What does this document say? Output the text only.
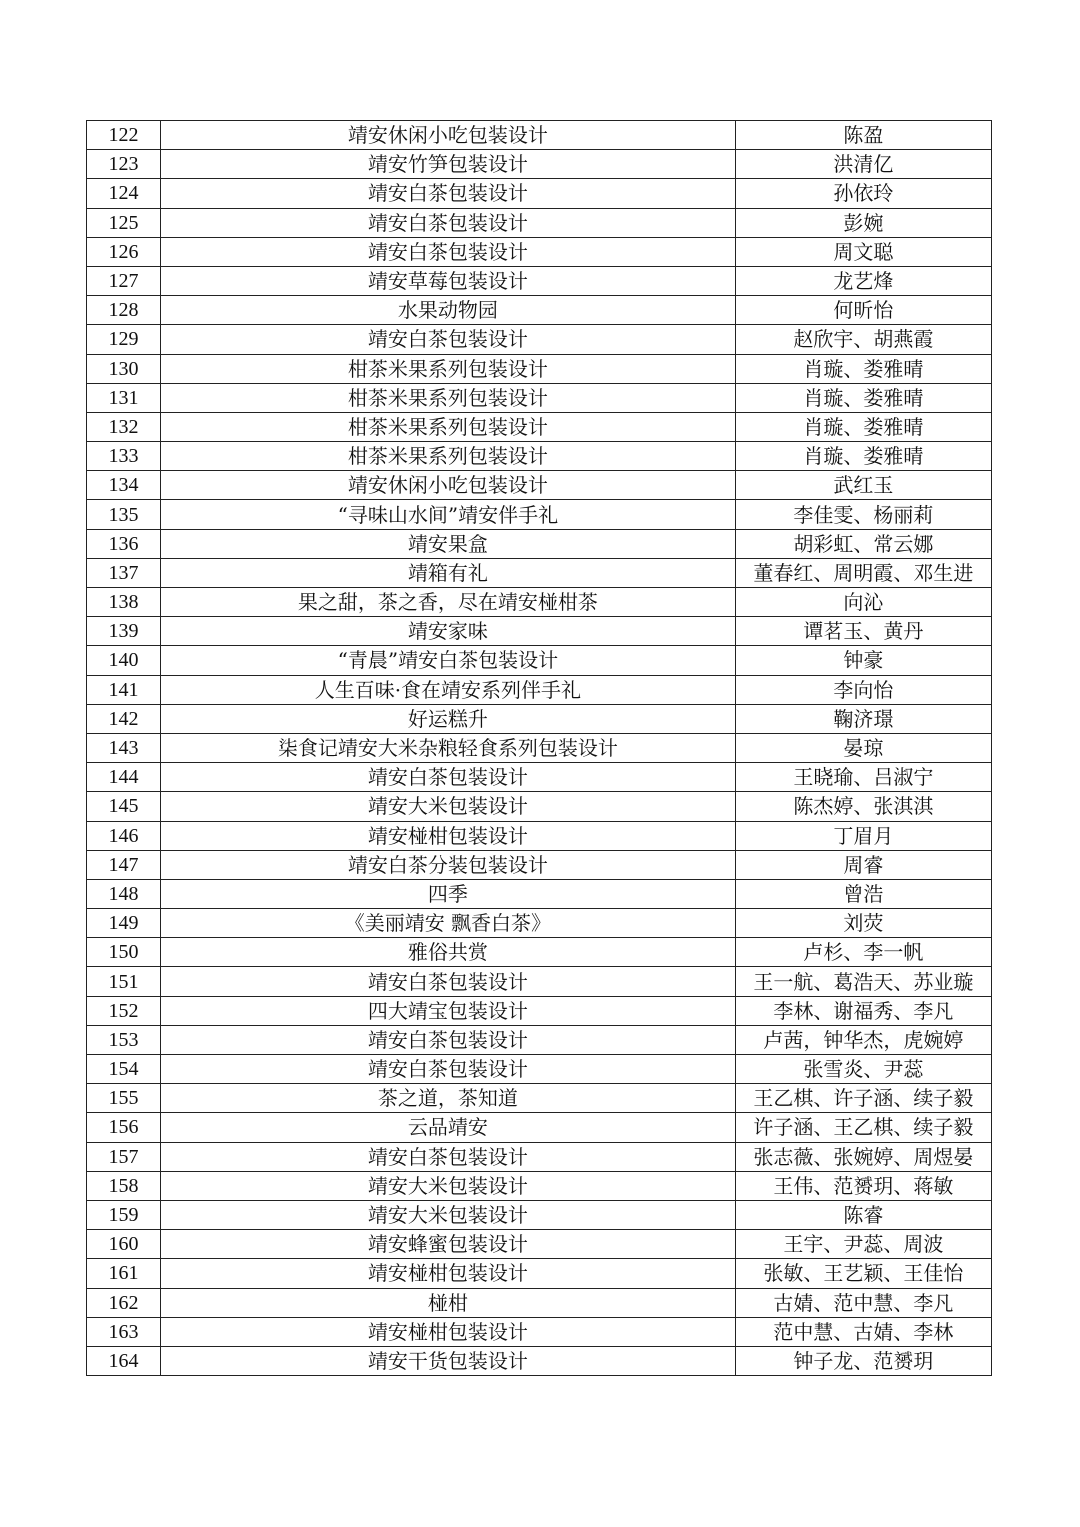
122	靖安休闲小吃包装设计	陈盈
123	靖安竹笋包装设计	洪清亿
124	靖安白茶包装设计	孙依玲
125	靖安白茶包装设计	彭婉
126	靖安白茶包装设计	周文聪
127	靖安草莓包装设计	龙艺烽
128	水果动物园	何昕怡
129	靖安白茶包装设计	赵欣宇、胡燕霞
130	柑茶米果系列包装设计	肖璇、娄雅晴
131	柑茶米果系列包装设计	肖璇、娄雅晴
132	柑茶米果系列包装设计	肖璇、娄雅晴
133	柑茶米果系列包装设计	肖璇、娄雅晴
134	靖安休闲小吃包装设计	武红玉
135	“寻味山水间”靖安伴手礼	李佳雯、杨丽莉
136	靖安果盒	胡彩虹、常云娜
137	靖箱有礼	董春红、周明霞、邓生进
138	果之甜，茶之香，尽在靖安椪柑茶	向沁
139	靖安家味	谭茗玉、黄丹
140	“青晨”靖安白茶包装设计	钟豪
141	人生百味·食在靖安系列伴手礼	李向怡
142	好运糕升	鞠济璟
143	柒食记靖安大米杂粮轻食系列包装设计	晏琼
144	靖安白茶包装设计	王晓瑜、吕淑宁
145	靖安大米包装设计	陈杰婷、张淇淇
146	靖安椪柑包装设计	丁眉月
147	靖安白茶分装包装设计	周睿
148	四季	曾浩
149	《美丽靖安 飘香白茶》	刘荧
150	雅俗共赏	卢杉、李一帆
151	靖安白茶包装设计	王一航、葛浩天、苏业璇
152	四大靖宝包装设计	李林、谢福秀、李凡
153	靖安白茶包装设计	卢茜，钟华杰，虎婉婷
154	靖安白茶包装设计	张雪炎、尹蕊
155	茶之道，茶知道	王乙棋、许子涵、续子毅
156	云品靖安	许子涵、王乙棋、续子毅
157	靖安白茶包装设计	张志薇、张婉婷、周煜晏
158	靖安大米包装设计	王伟、范赟玥、蒋敏
159	靖安大米包装设计	陈睿
160	靖安蜂蜜包装设计	王宇、尹蕊、周波
161	靖安椪柑包装设计	张敏、王艺颖、王佳怡
162	椪柑	古婧、范中慧、李凡
163	靖安椪柑包装设计	范中慧、古婧、李林
164	靖安干货包装设计	钟子龙、范赟玥
